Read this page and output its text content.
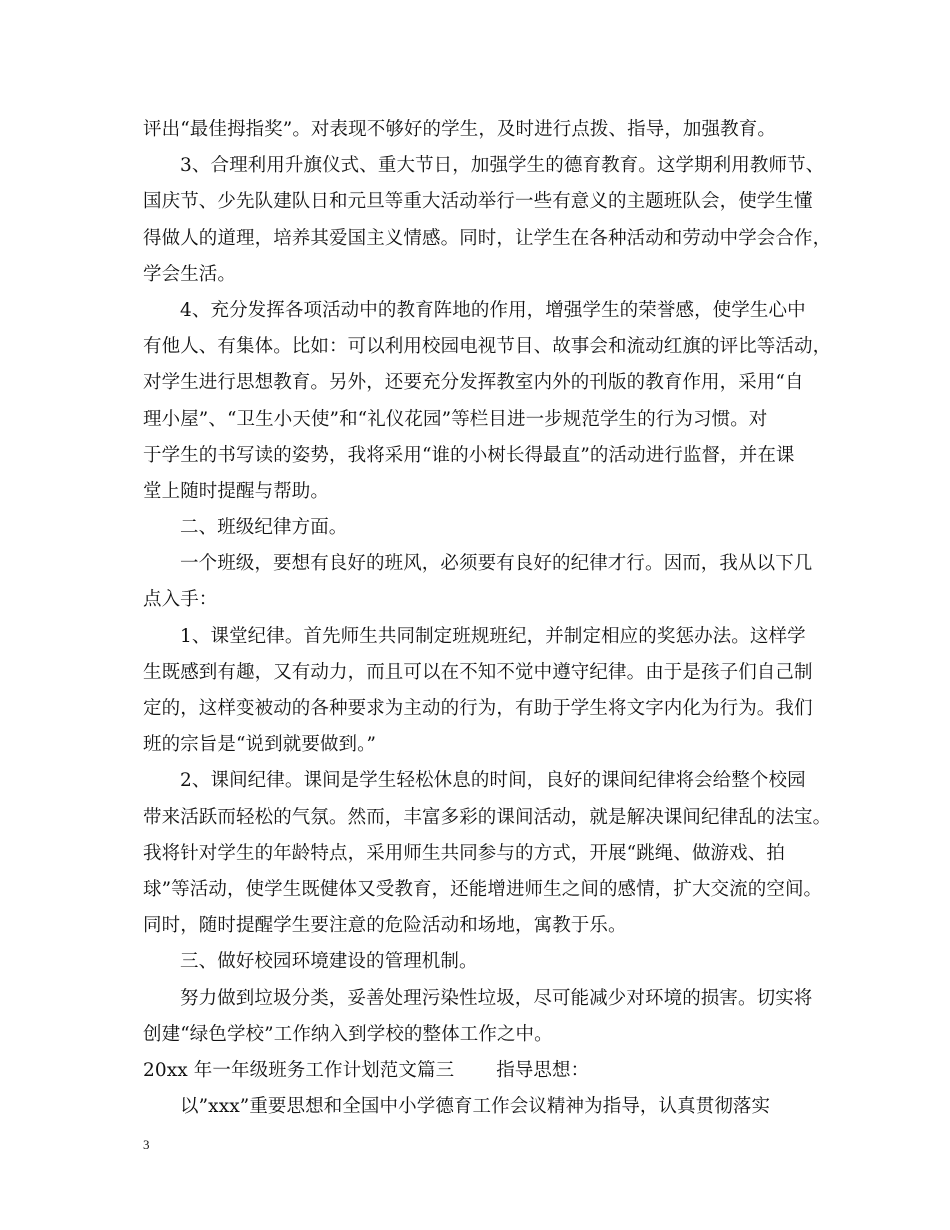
评出“最佳拇指奖”。对表现不够好的学生，及时进行点拨、指导，加强教育。
3、合理利用升旗仪式、重大节日，加强学生的德育教育。这学期利用教师节、
国庆节、少先队建队日和元旦等重大活动举行一些有意义的主题班队会，使学生懂
得做人的道理，培养其爱国主义情感。同时，让学生在各种活动和劳动中学会合作，
学会生活。
4、充分发挥各项活动中的教育阵地的作用，增强学生的荣誉感，使学生心中
有他人、有集体。比如：可以利用校园电视节目、故事会和流动红旗的评比等活动，
对学生进行思想教育。另外，还要充分发挥教室内外的刊版的教育作用，采用“自
理小屋”、“卫生小天使”和“礼仪花园”等栏目进一步规范学生的行为习惯。对
于学生的书写读的姿势，我将采用“谁的小树长得最直”的活动进行监督，并在课
堂上随时提醒与帮助。
二、班级纪律方面。
一个班级，要想有良好的班风，必须要有良好的纪律才行。因而，我从以下几
点入手：
1、课堂纪律。首先师生共同制定班规班纪，并制定相应的奖惩办法。这样学
生既感到有趣，又有动力，而且可以在不知不觉中遵守纪律。由于是孩子们自己制
定的，这样变被动的各种要求为主动的行为，有助于学生将文字内化为行为。我们
班的宗旨是“说到就要做到。”
2、课间纪律。课间是学生轻松休息的时间，良好的课间纪律将会给整个校园
带来活跃而轻松的气氛。然而，丰富多彩的课间活动，就是解决课间纪律乱的法宝。
我将针对学生的年龄特点，采用师生共同参与的方式，开展“跳绳、做游戏、拍
球”等活动，使学生既健体又受教育，还能增进师生之间的感情，扩大交流的空间。
同时，随时提醒学生要注意的危险活动和场地，寓教于乐。
三、做好校园环境建设的管理机制。
努力做到垃圾分类，妥善处理污染性垃圾，尽可能减少对环境的损害。切实将
创建“绿色学校”工作纳入到学校的整体工作之中。
20xx 年一年级班务工作计划范文篇三 指导思想：
以”xxx”重要思想和全国中小学德育工作会议精神为指导，认真贯彻落实
3
